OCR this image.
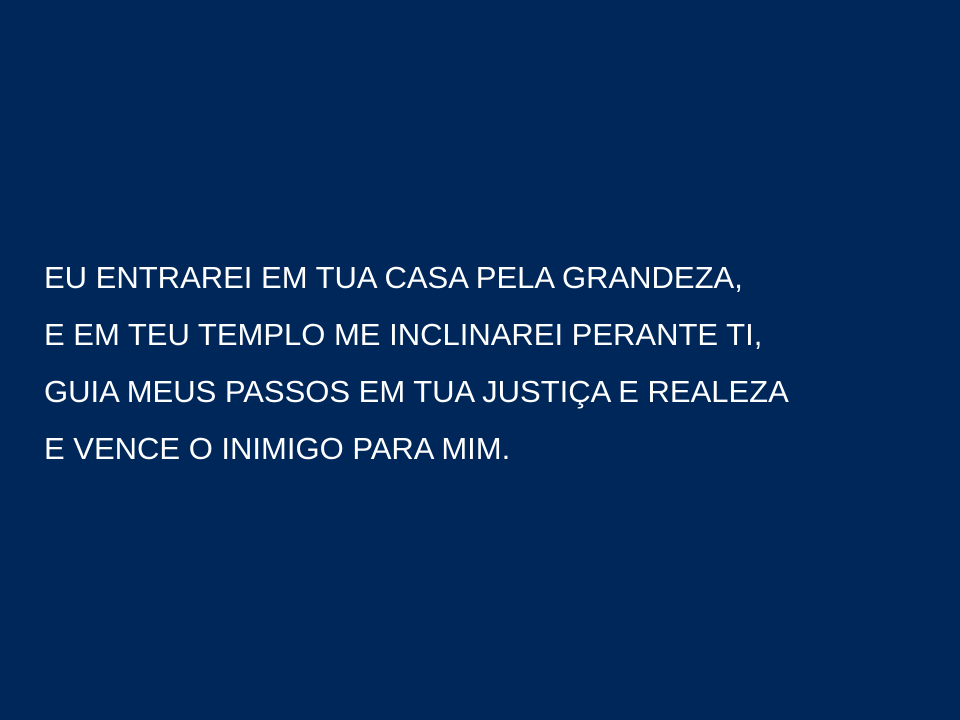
EU ENTRAREI EM TUA CASA PELA GRANDEZA,
E EM TEU TEMPLO ME INCLINAREI PERANTE TI,
GUIA MEUS PASSOS EM TUA JUSTIÇA E REALEZA
E VENCE O INIMIGO PARA MIM.
